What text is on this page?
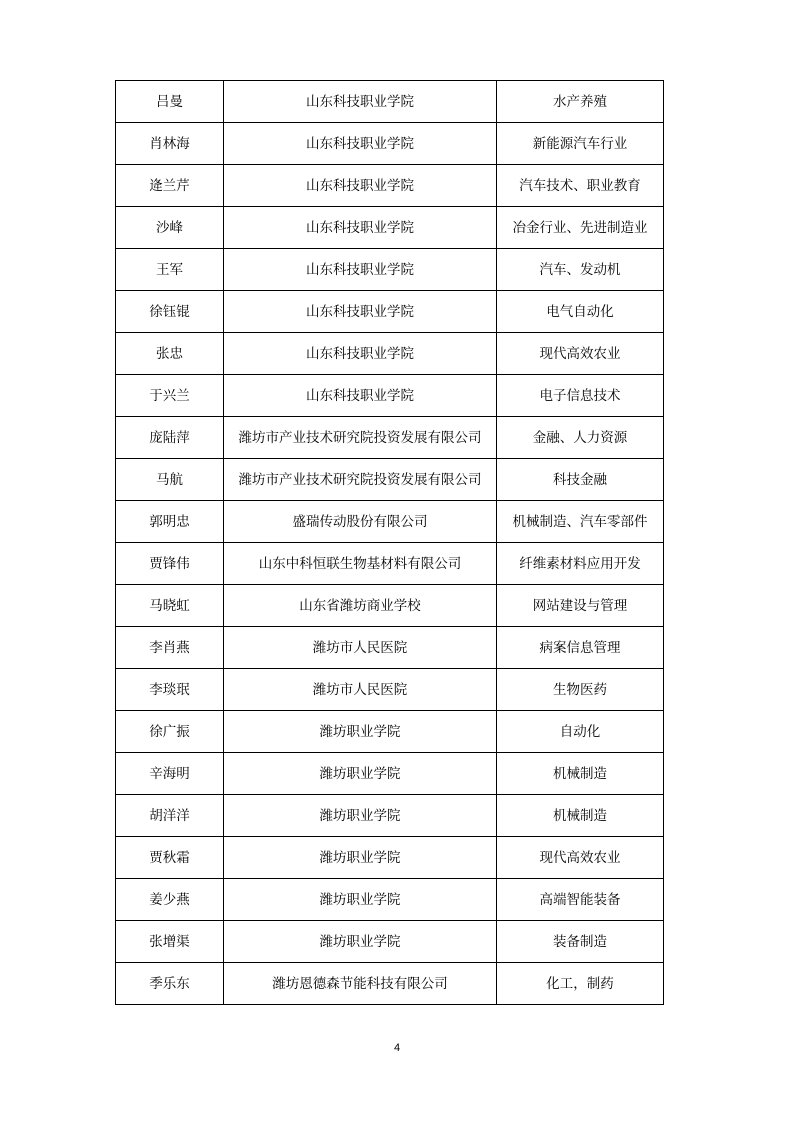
吕曼	山东科技职业学院	水产养殖
肖林海	山东科技职业学院	新能源汽车行业
逄兰芹	山东科技职业学院	汽车技术、职业教育
沙峰	山东科技职业学院	冶金行业、先进制造业
王军	山东科技职业学院	汽车、发动机
徐钰锟	山东科技职业学院	电气自动化
张忠	山东科技职业学院	现代高效农业
于兴兰	山东科技职业学院	电子信息技术
庞陆萍	潍坊市产业技术研究院投资发展有限公司	金融、人力资源
马航	潍坊市产业技术研究院投资发展有限公司	科技金融
郭明忠	盛瑞传动股份有限公司	机械制造、汽车零部件
贾锋伟	山东中科恒联生物基材料有限公司	纤维素材料应用开发
马晓虹	山东省潍坊商业学校	网站建设与管理
李肖燕	潍坊市人民医院	病案信息管理
李琰珉	潍坊市人民医院	生物医药
徐广振	潍坊职业学院	自动化
辛海明	潍坊职业学院	机械制造
胡洋洋	潍坊职业学院	机械制造
贾秋霜	潍坊职业学院	现代高效农业
姜少燕	潍坊职业学院	高端智能装备
张增渠	潍坊职业学院	装备制造
季乐东	潍坊恩德森节能科技有限公司	化工，制药
4
